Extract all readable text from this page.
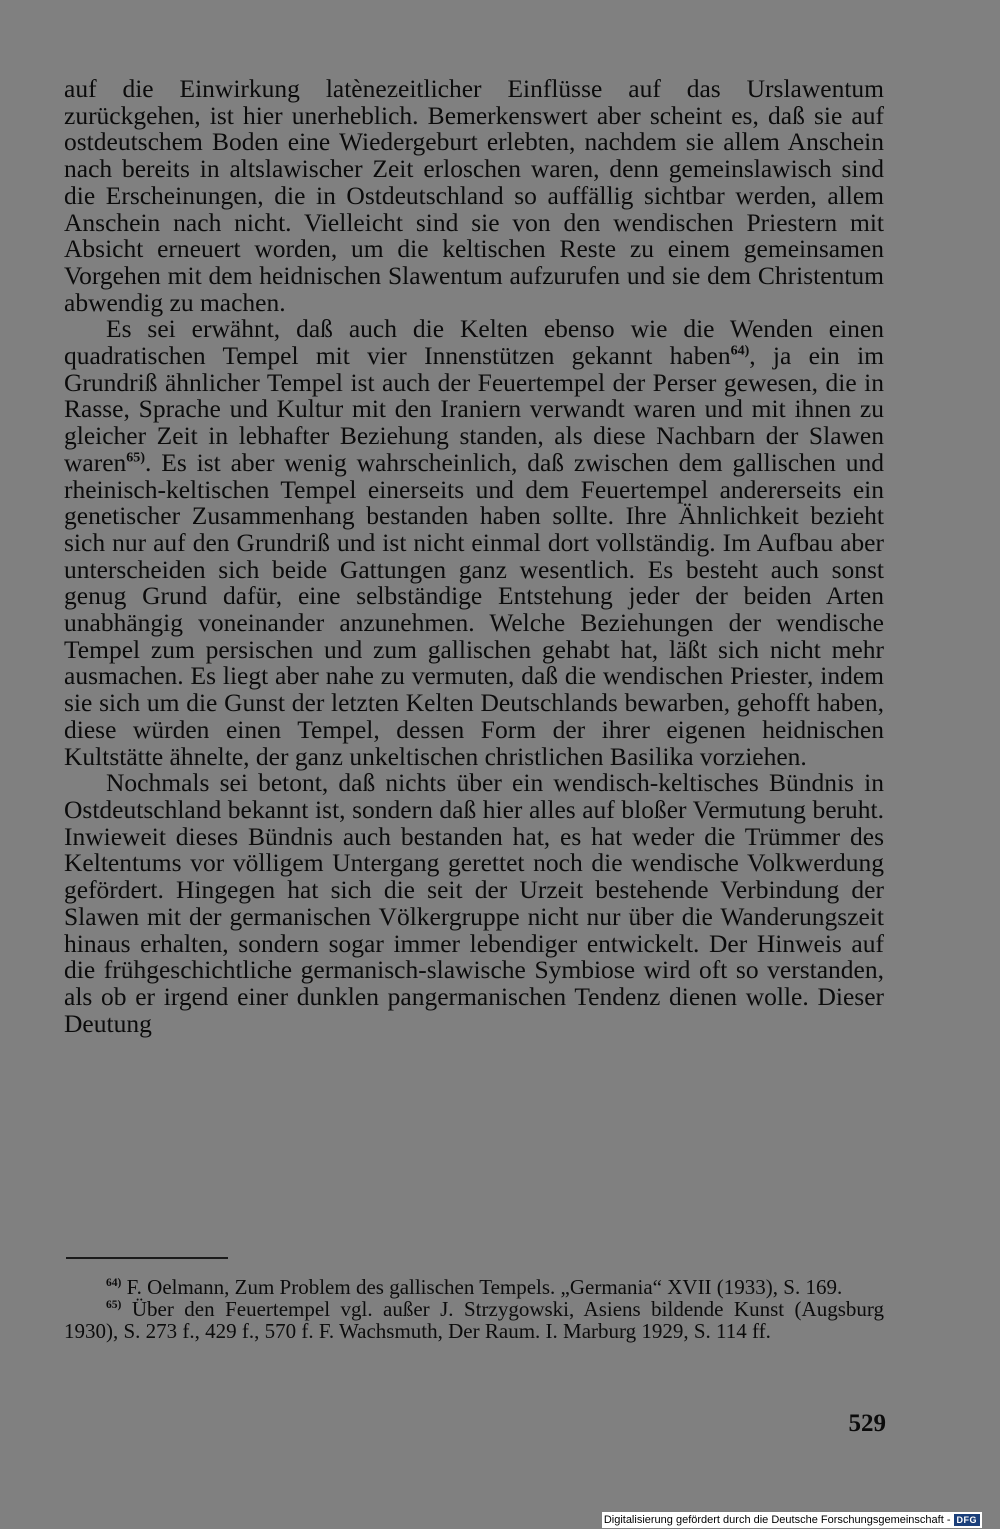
auf die Einwirkung latènezeitlicher Einflüsse auf das Urslawentum zurückgehen, ist hier unerheblich. Bemerkenswert aber scheint es, daß sie auf ostdeutschem Boden eine Wiedergeburt erlebten, nachdem sie allem Anschein nach bereits in altslawischer Zeit erloschen waren, denn gemeinslawisch sind die Erscheinungen, die in Ostdeutschland so auffällig sichtbar werden, allem Anschein nach nicht. Vielleicht sind sie von den wendischen Priestern mit Absicht erneuert worden, um die keltischen Reste zu einem gemeinsamen Vorgehen mit dem heidnischen Slawentum aufzurufen und sie dem Christentum abwendig zu machen.

Es sei erwähnt, daß auch die Kelten ebenso wie die Wenden einen quadratischen Tempel mit vier Innenstützen gekannt haben$^{64)}$, ja ein im Grundriß ähnlicher Tempel ist auch der Feuertempel der Perser gewesen, die in Rasse, Sprache und Kultur mit den Iraniern verwandt waren und mit ihnen zu gleicher Zeit in lebhafter Beziehung standen, als diese Nachbarn der Slawen waren$^{65)}$. Es ist aber wenig wahrscheinlich, daß zwischen dem gallischen und rheinisch-keltischen Tempel einerseits und dem Feuertempel andererseits ein genetischer Zusammenhang bestanden haben sollte. Ihre Ähnlichkeit bezieht sich nur auf den Grundriß und ist nicht einmal dort vollständig. Im Aufbau aber unterscheiden sich beide Gattungen ganz wesentlich. Es besteht auch sonst genug Grund dafür, eine selbständige Entstehung jeder der beiden Arten unabhängig voneinander anzunehmen. Welche Beziehungen der wendische Tempel zum persischen und zum gallischen gehabt hat, läßt sich nicht mehr ausmachen. Es liegt aber nahe zu vermuten, daß die wendischen Priester, indem sie sich um die Gunst der letzten Kelten Deutschlands bewarben, gehofft haben, diese würden einen Tempel, dessen Form der ihrer eigenen heidnischen Kultstätte ähnelte, der ganz unkeltischen christlichen Basilika vorziehen.

Nochmals sei betont, daß nichts über ein wendisch-keltisches Bündnis in Ostdeutschland bekannt ist, sondern daß hier alles auf bloßer Vermutung beruht. Inwieweit dieses Bündnis auch bestanden hat, es hat weder die Trümmer des Keltentums vor völligem Untergang gerettet noch die wendische Volkwerdung gefördert. Hingegen hat sich die seit der Urzeit bestehende Verbindung der Slawen mit der germanischen Völkergruppe nicht nur über die Wanderungszeit hinaus erhalten, sondern sogar immer lebendiger entwickelt. Der Hinweis auf die frühgeschichtliche germanisch-slawische Symbiose wird oft so verstanden, als ob er irgend einer dunklen pangermanischen Tendenz dienen wolle. Dieser Deutung

$^{64)}$ F. Oelmann, Zum Problem des gallischen Tempels. „Germania“ XVII (1933), S. 169.

$^{65)}$ Über den Feuertempel vgl. außer J. Strzygowski, Asiens bildende Kunst (Augsburg 1930), S. 273 f., 429 f., 570 f. F. Wachsmuth, Der Raum. I. Marburg 1929, S. 114 ff.

529
Digitalisierung gefördert durch die Deutsche Forschungsgemeinschaft - DFG
